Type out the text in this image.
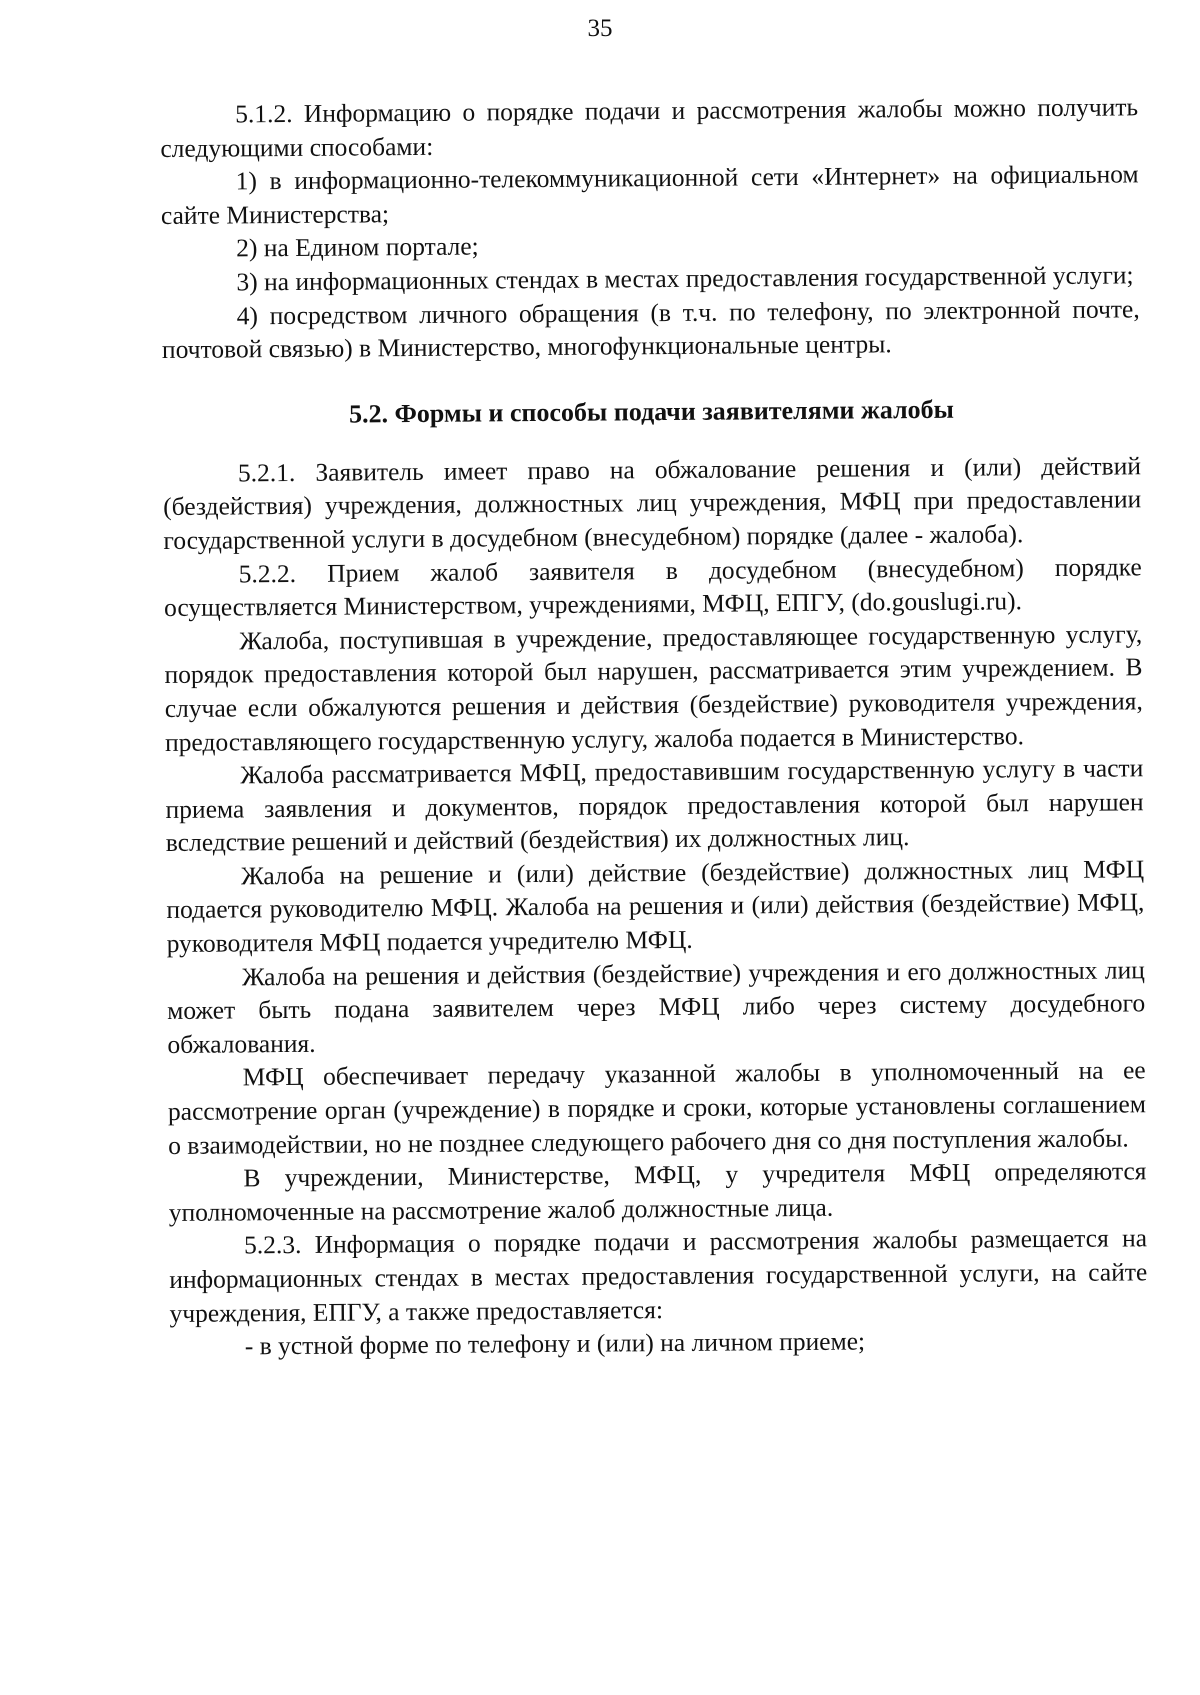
35

5.1.2. Информацию о порядке подачи и рассмотрения жалобы можно получить следующими способами:

1) в информационно-телекоммуникационной сети «Интернет» на официальном сайте Министерства;

2) на Едином портале;

3) на информационных стендах в местах предоставления государственной услуги;

4) посредством личного обращения (в т.ч. по телефону, по электронной почте, почтовой связью) в Министерство, многофункциональные центры.

5.2. Формы и способы подачи заявителями жалобы

5.2.1. Заявитель имеет право на обжалование решения и (или) действий (бездействия) учреждения, должностных лиц учреждения, МФЦ при предоставлении государственной услуги в досудебном (внесудебном) порядке (далее - жалоба).

5.2.2. Прием жалоб заявителя в досудебном (внесудебном) порядке осуществляется Министерством, учреждениями, МФЦ, ЕПГУ, (do.gouslugi.ru).

Жалоба, поступившая в учреждение, предоставляющее государственную услугу, порядок предоставления которой был нарушен, рассматривается этим учреждением. В случае если обжалуются решения и действия (бездействие) руководителя учреждения, предоставляющего государственную услугу, жалоба подается в Министерство.

Жалоба рассматривается МФЦ, предоставившим государственную услугу в части приема заявления и документов, порядок предоставления которой был нарушен вследствие решений и действий (бездействия) их должностных лиц.

Жалоба на решение и (или) действие (бездействие) должностных лиц МФЦ подается руководителю МФЦ. Жалоба на решения и (или) действия (бездействие) МФЦ, руководителя МФЦ подается учредителю МФЦ.

Жалоба на решения и действия (бездействие) учреждения и его должностных лиц может быть подана заявителем через МФЦ либо через систему досудебного обжалования.

МФЦ обеспечивает передачу указанной жалобы в уполномоченный на ее рассмотрение орган (учреждение) в порядке и сроки, которые установлены соглашением о взаимодействии, но не позднее следующего рабочего дня со дня поступления жалобы.

В учреждении, Министерстве, МФЦ, у учредителя МФЦ определяются уполномоченные на рассмотрение жалоб должностные лица.

5.2.3. Информация о порядке подачи и рассмотрения жалобы размещается на информационных стендах в местах предоставления государственной услуги, на сайте учреждения, ЕПГУ, а также предоставляется:

- в устной форме по телефону и (или) на личном приеме;
